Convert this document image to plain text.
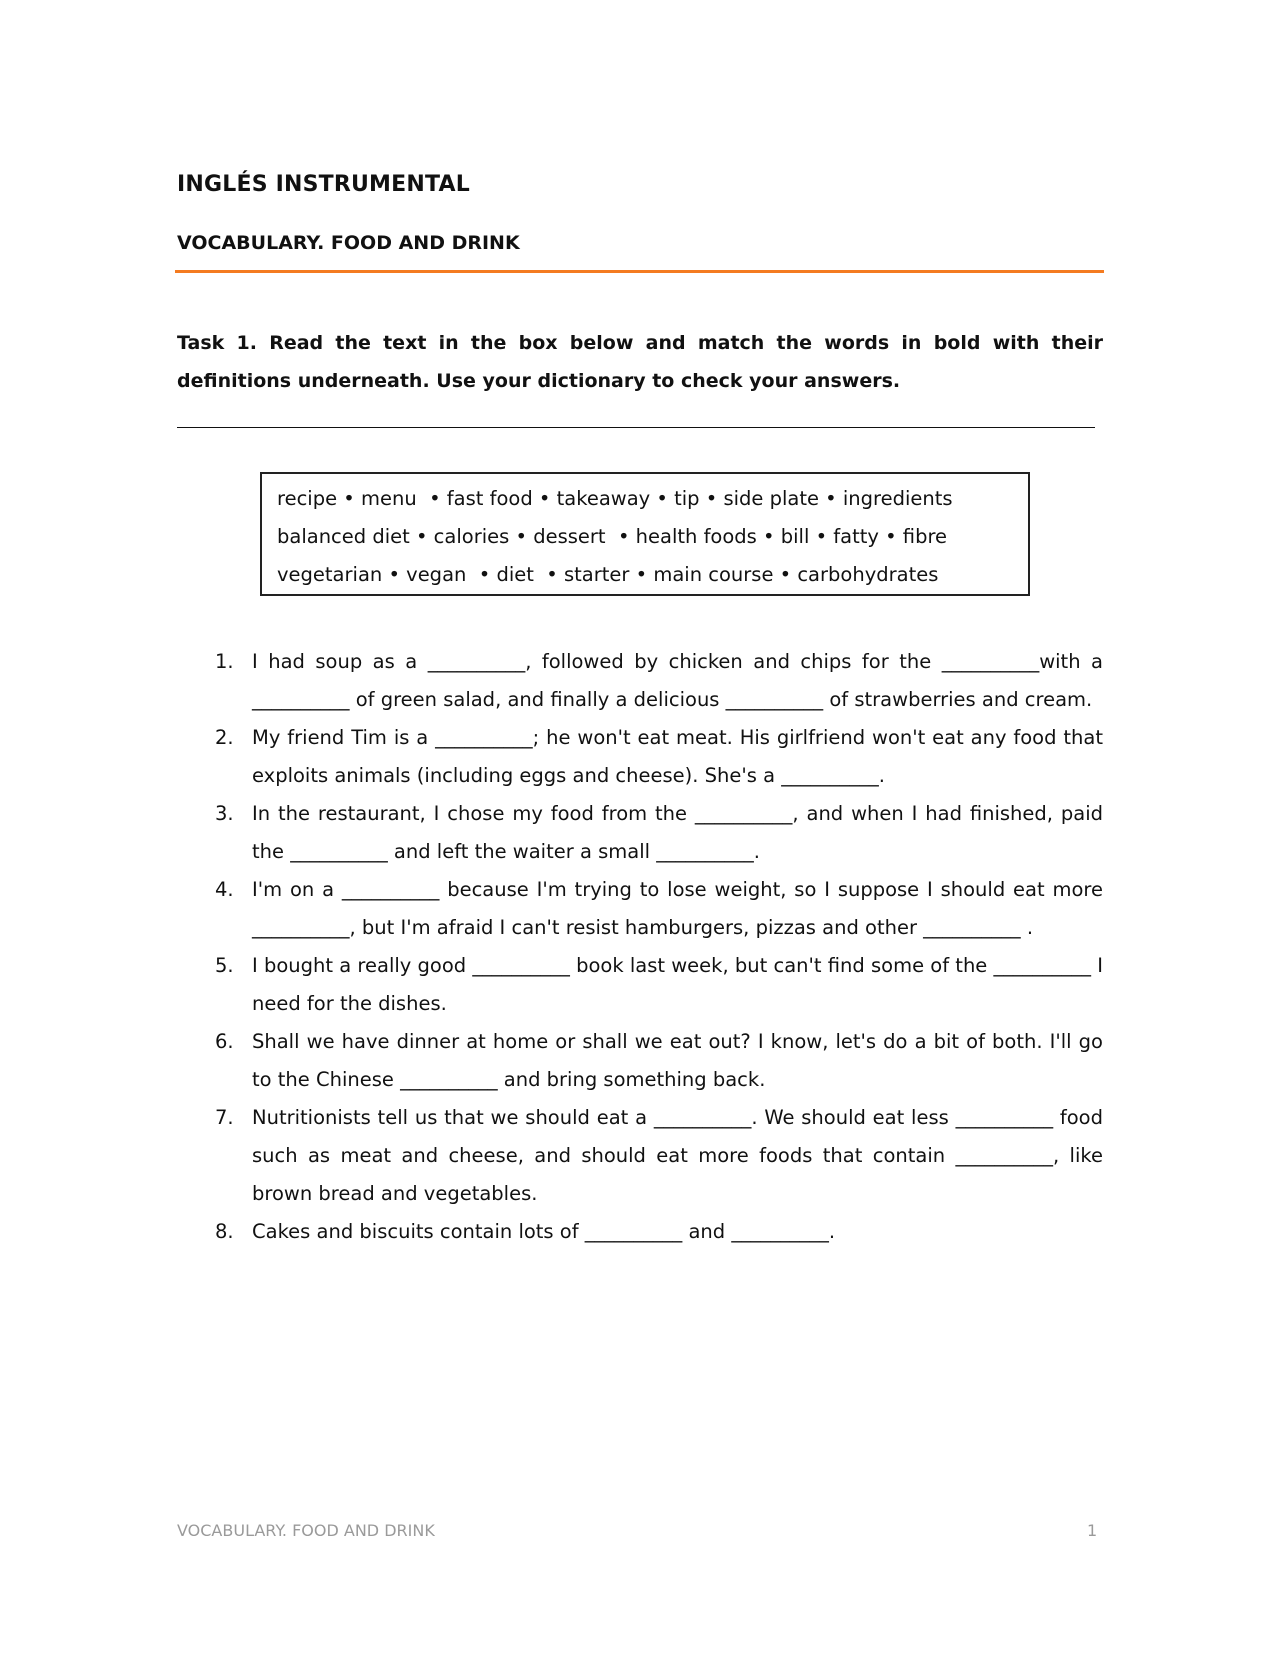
INGLÉS INSTRUMENTAL
VOCABULARY. FOOD AND DRINK

Task 1. Read the text in the box below and match the words in bold with their definitions underneath. Use your dictionary to check your answers.

recipe • menu  • fast food • takeaway • tip • side plate • ingredients
balanced diet • calories • dessert  • health foods • bill • fatty • fibre
vegetarian • vegan  • diet  • starter • main course • carbohydrates
1. I had soup as a __________, followed by chicken and chips for the __________with a __________ of green salad, and finally a delicious __________ of strawberries and cream.
2. My friend Tim is a __________; he won't eat meat. His girlfriend won't eat any food that exploits animals (including eggs and cheese). She's a __________.
3. In the restaurant, I chose my food from the __________, and when I had finished, paid the __________ and left the waiter a small __________.
4. I'm on a __________ because I'm trying to lose weight, so I suppose I should eat more __________, but I'm afraid I can't resist hamburgers, pizzas and other __________ .
5. I bought a really good __________ book last week, but can't find some of the __________ I need for the dishes.
6. Shall we have dinner at home or shall we eat out? I know, let's do a bit of both. I'll go to the Chinese __________ and bring something back.
7. Nutritionists tell us that we should eat a __________. We should eat less __________ food such as meat and cheese, and should eat more foods that contain __________, like brown bread and vegetables.
8. Cakes and biscuits contain lots of __________ and __________.
VOCABULARY. FOOD AND DRINK	1
